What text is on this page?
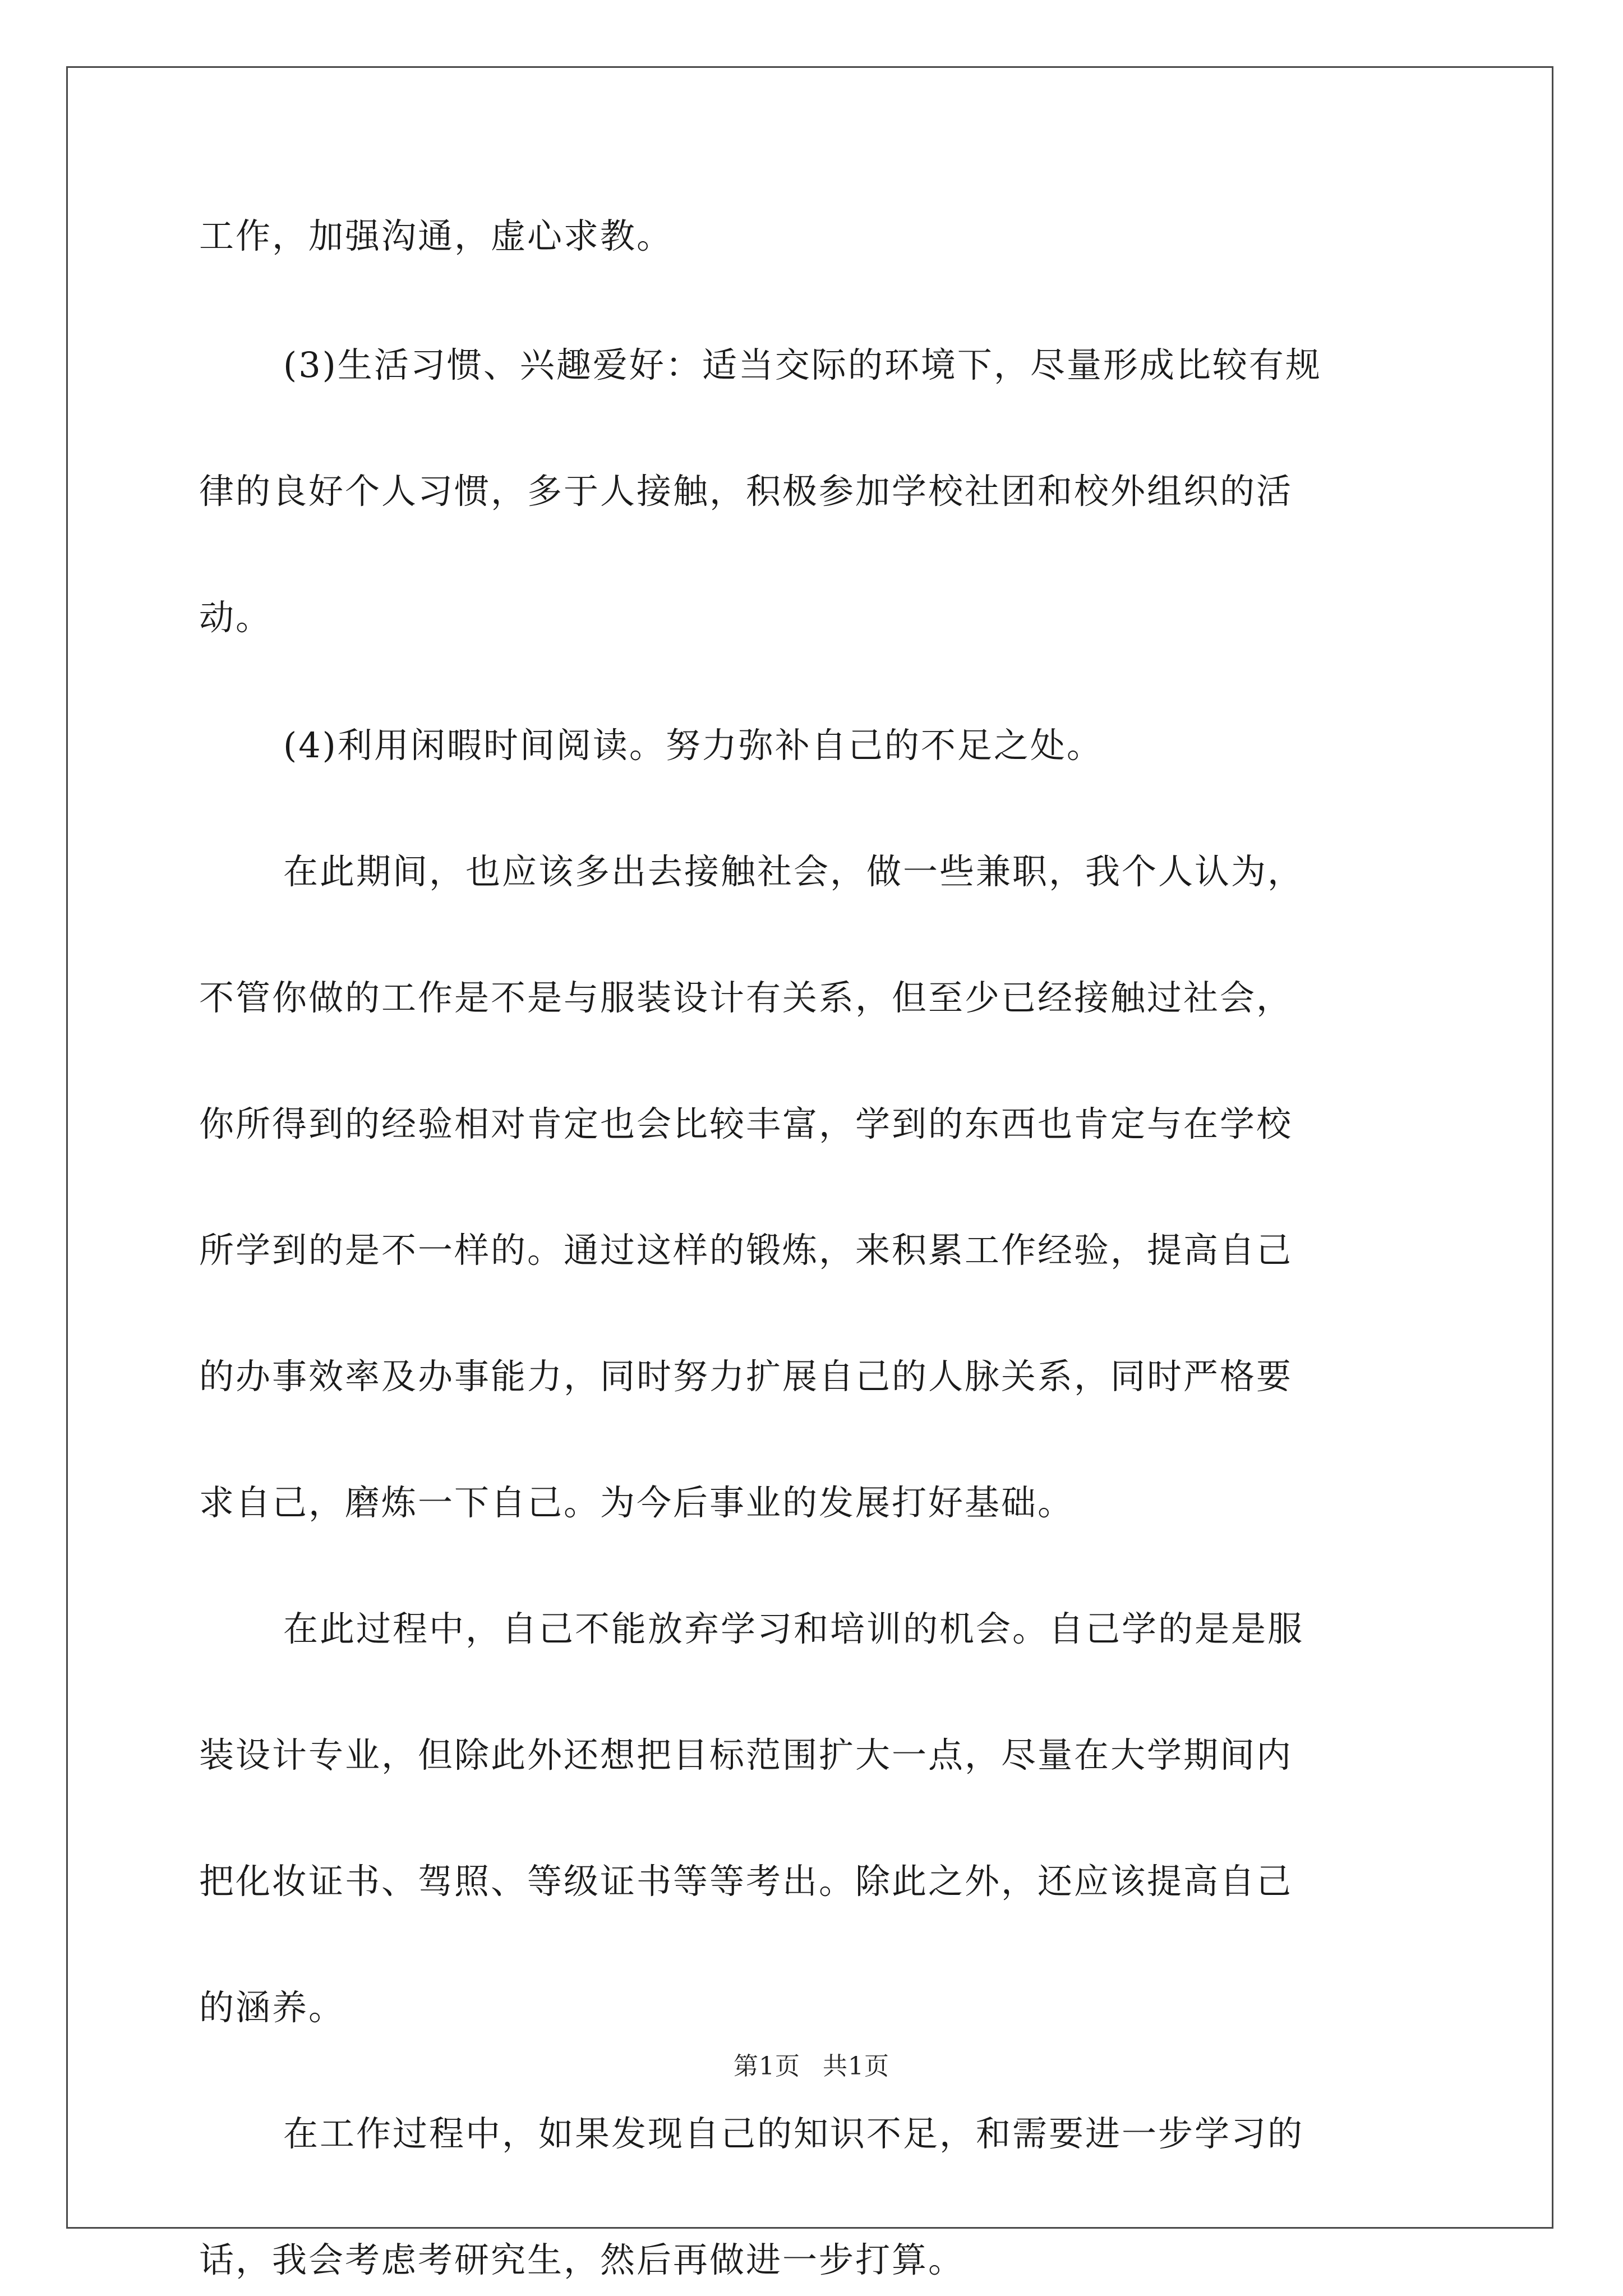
工作，加强沟通，虚心求教。
(3)生活习惯、兴趣爱好：适当交际的环境下，尽量形成比较有规
律的良好个人习惯，多于人接触，积极参加学校社团和校外组织的活
动。
(4)利用闲暇时间阅读。努力弥补自己的不足之处。
在此期间，也应该多出去接触社会，做一些兼职，我个人认为，
不管你做的工作是不是与服装设计有关系，但至少已经接触过社会，
你所得到的经验相对肯定也会比较丰富，学到的东西也肯定与在学校
所学到的是不一样的。通过这样的锻炼，来积累工作经验，提高自己
的办事效率及办事能力，同时努力扩展自己的人脉关系，同时严格要
求自己，磨炼一下自己。为今后事业的发展打好基础。
在此过程中，自己不能放弃学习和培训的机会。自己学的是是服
装设计专业，但除此外还想把目标范围扩大一点，尽量在大学期间内
把化妆证书、驾照、等级证书等等考出。除此之外，还应该提高自己
的涵养。
在工作过程中，如果发现自己的知识不足，和需要进一步学习的
话，我会考虑考研究生，然后再做进一步打算。
第1页 共1页
